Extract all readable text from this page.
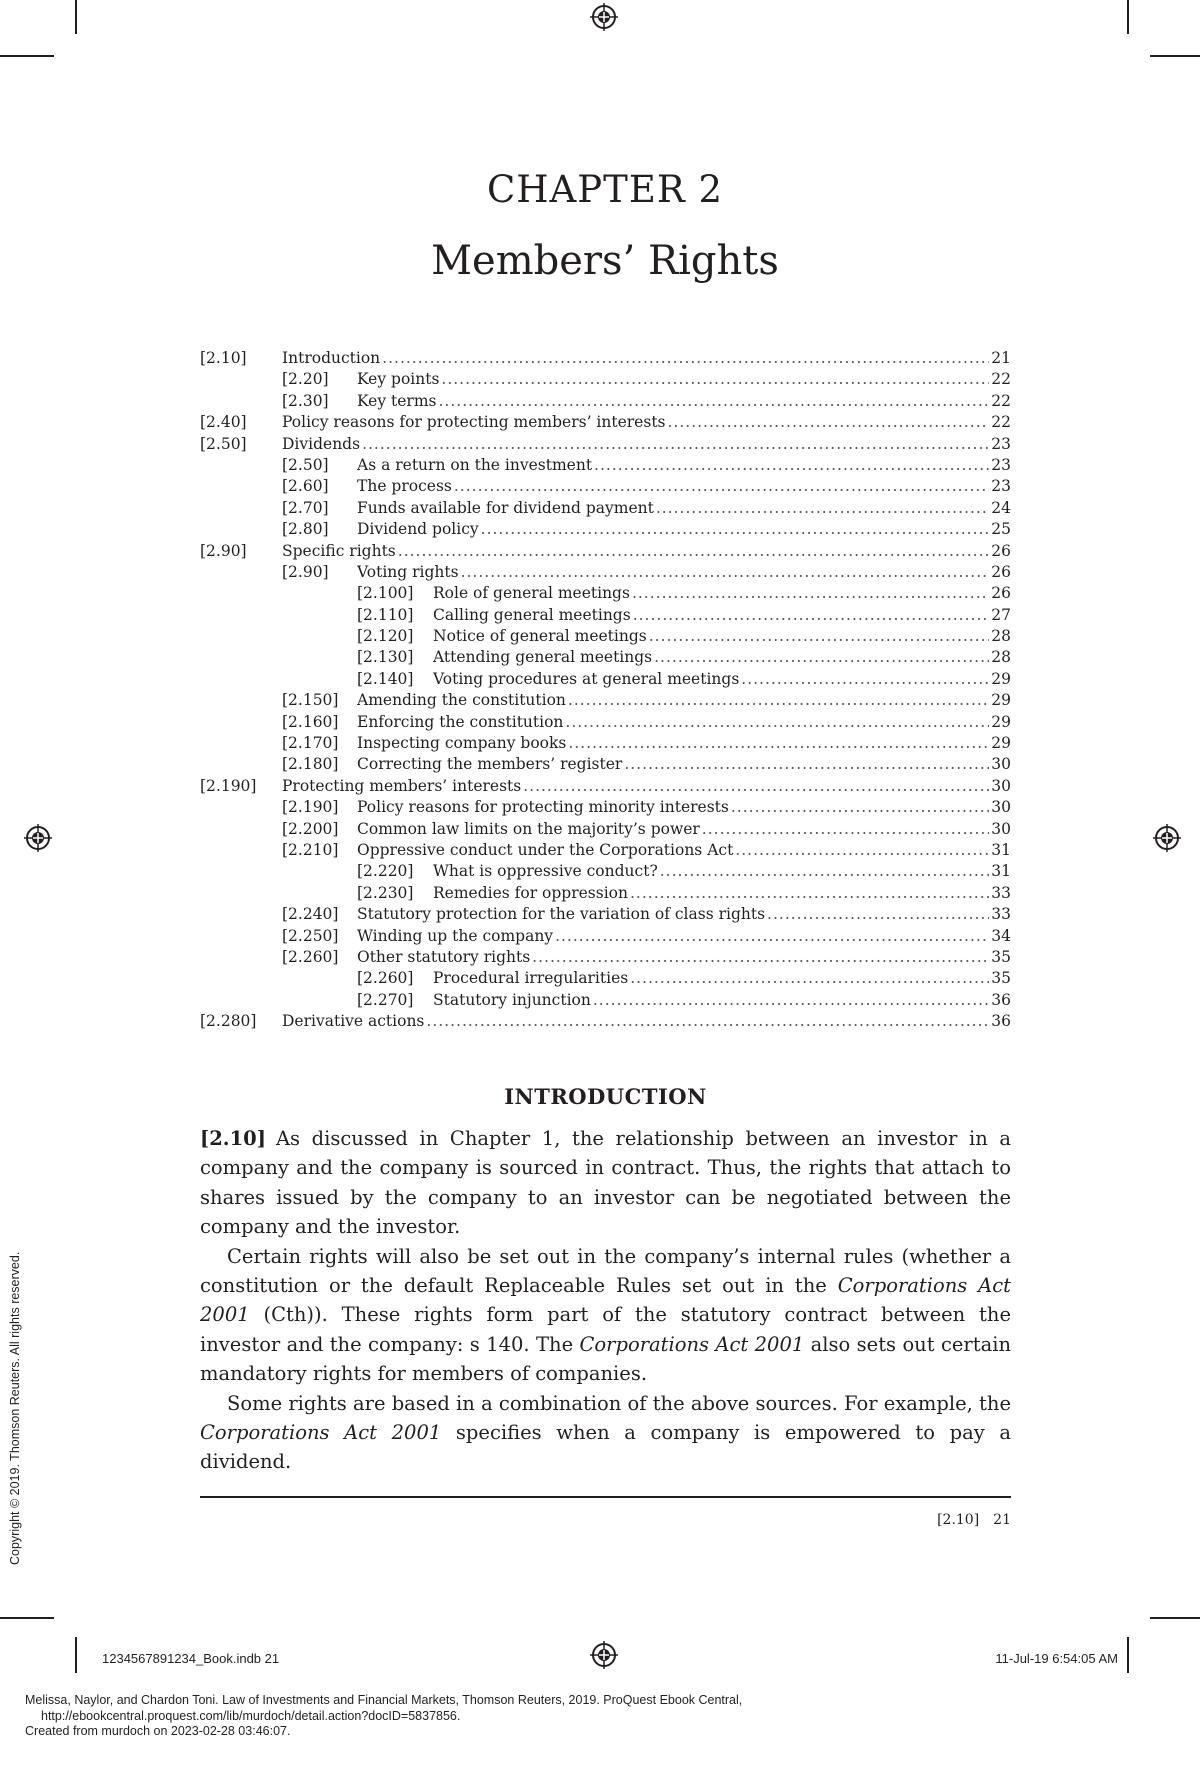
CHAPTER 2
Members’ Rights
[2.10] Introduction .....	21
[2.20] Key points .....	22
[2.30] Key terms .....	22
[2.40] Policy reasons for protecting members’ interests .....	22
[2.50] Dividends .....	23
[2.50] As a return on the investment .....	23
[2.60] The process .....	23
[2.70] Funds available for dividend payment .....	24
[2.80] Dividend policy .....	25
[2.90] Specific rights .....	26
[2.90] Voting rights .....	26
[2.100] Role of general meetings .....	26
[2.110] Calling general meetings .....	27
[2.120] Notice of general meetings .....	28
[2.130] Attending general meetings .....	28
[2.140] Voting procedures at general meetings .....	29
[2.150] Amending the constitution .....	29
[2.160] Enforcing the constitution .....	29
[2.170] Inspecting company books .....	29
[2.180] Correcting the members’ register .....	30
[2.190] Protecting members’ interests .....	30
[2.190] Policy reasons for protecting minority interests .....	30
[2.200] Common law limits on the majority’s power .....	30
[2.210] Oppressive conduct under the Corporations Act .....	31
[2.220] What is oppressive conduct? .....	31
[2.230] Remedies for oppression .....	33
[2.240] Statutory protection for the variation of class rights .....	33
[2.250] Winding up the company .....	34
[2.260] Other statutory rights .....	35
[2.260] Procedural irregularities .....	35
[2.270] Statutory injunction .....	36
[2.280] Derivative actions .....	36
INTRODUCTION

[2.10] As discussed in Chapter 1, the relationship between an investor in a company and the company is sourced in contract. Thus, the rights that attach to shares issued by the company to an investor can be negotiated between the company and the investor.

Certain rights will also be set out in the company’s internal rules (whether a constitution or the default Replaceable Rules set out in the Corporations Act 2001 (Cth)). These rights form part of the statutory contract between the investor and the company: s 140. The Corporations Act 2001 also sets out certain mandatory rights for members of companies.

Some rights are based in a combination of the above sources. For example, the Corporations Act 2001 specifies when a company is empowered to pay a dividend.

[2.10] 21
Copyright © 2019. Thomson Reuters. All rights reserved.
1234567891234_Book.indb 21	11-Jul-19 6:54:05 AM
Melissa, Naylor, and Chardon Toni. Law of Investments and Financial Markets, Thomson Reuters, 2019. ProQuest Ebook Central,
http://ebookcentral.proquest.com/lib/murdoch/detail.action?docID=5837856.
Created from murdoch on 2023-02-28 03:46:07.
